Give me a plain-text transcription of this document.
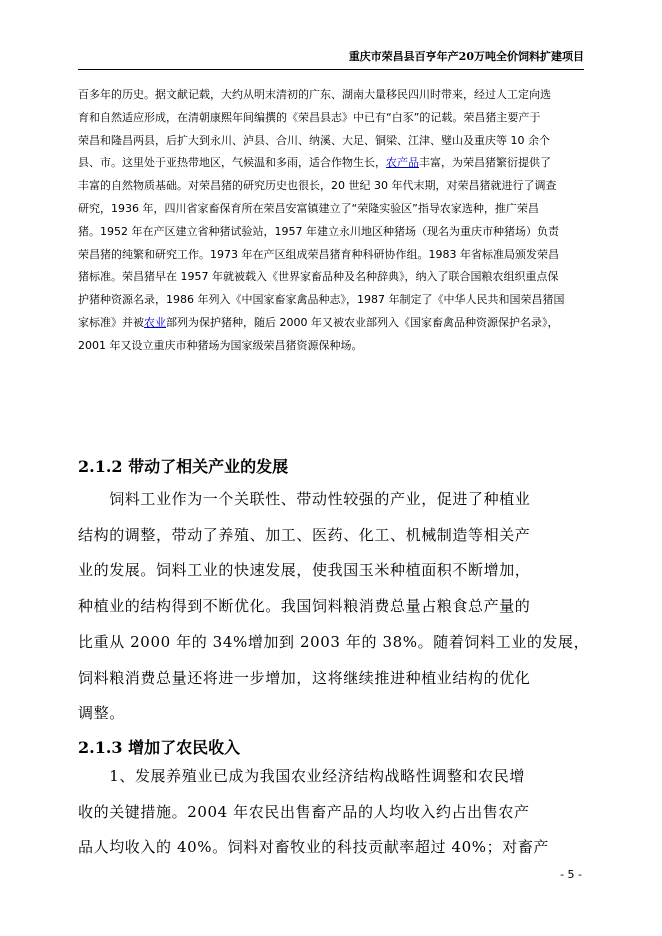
重庆市荣昌县百亨年产20万吨全价饲料扩建项目
百多年的历史。据文献记载，大约从明末清初的广东、湖南大量移民四川时带来，经过人工定向选
育和自然适应形成，在清朝康熙年间编撰的《荣昌县志》中已有“白豕”的记载。荣昌猪主要产于
荣昌和隆昌两县，后扩大到永川、泸县、合川、纳溪、大足、铜梁、江津、璧山及重庆等 10 余个
县、市。这里处于亚热带地区，气候温和多雨，适合作物生长，农产品丰富，为荣昌猪繁衍提供了
丰富的自然物质基础。对荣昌猪的研究历史也很长，20 世纪 30 年代末期，对荣昌猪就进行了调查
研究，1936 年，四川省家畜保育所在荣昌安富镇建立了“荣隆实验区”指导农家选种，推广荣昌
猪。1952 年在产区建立省种猪试验站，1957 年建立永川地区种猪场（现名为重庆市种猪场）负责
荣昌猪的纯繁和研究工作。1973 年在产区组成荣昌猪育种科研协作组。1983 年省标准局颁发荣昌
猪标准。荣昌猪早在 1957 年就被载入《世界家畜品种及名种辞典》，纳入了联合国粮农组织重点保
护猪种资源名录，1986 年列入《中国家畜家禽品种志》，1987 年制定了《中华人民共和国荣昌猪国
家标准》并被农业部列为保护猪种，随后 2000 年又被农业部列入《国家畜禽品种资源保护名录》，
2001 年又设立重庆市种猪场为国家级荣昌猪资源保种场。
2.1.2 带动了相关产业的发展
　　饲料工业作为一个关联性、带动性较强的产业，促进了种植业
结构的调整，带动了养殖、加工、医药、化工、机械制造等相关产
业的发展。饲料工业的快速发展，使我国玉米种植面积不断增加，
种植业的结构得到不断优化。我国饲料粮消费总量占粮食总产量的
比重从 2000 年的 34%增加到 2003 年的 38%。随着饲料工业的发展，
饲料粮消费总量还将进一步增加，这将继续推进种植业结构的优化
调整。
2.1.3 增加了农民收入
　　1、发展养殖业已成为我国农业经济结构战略性调整和农民增
收的关键措施。2004 年农民出售畜产品的人均收入约占出售农产
品人均收入的 40%。饲料对畜牧业的科技贡献率超过 40%；对畜产
- 5 -
